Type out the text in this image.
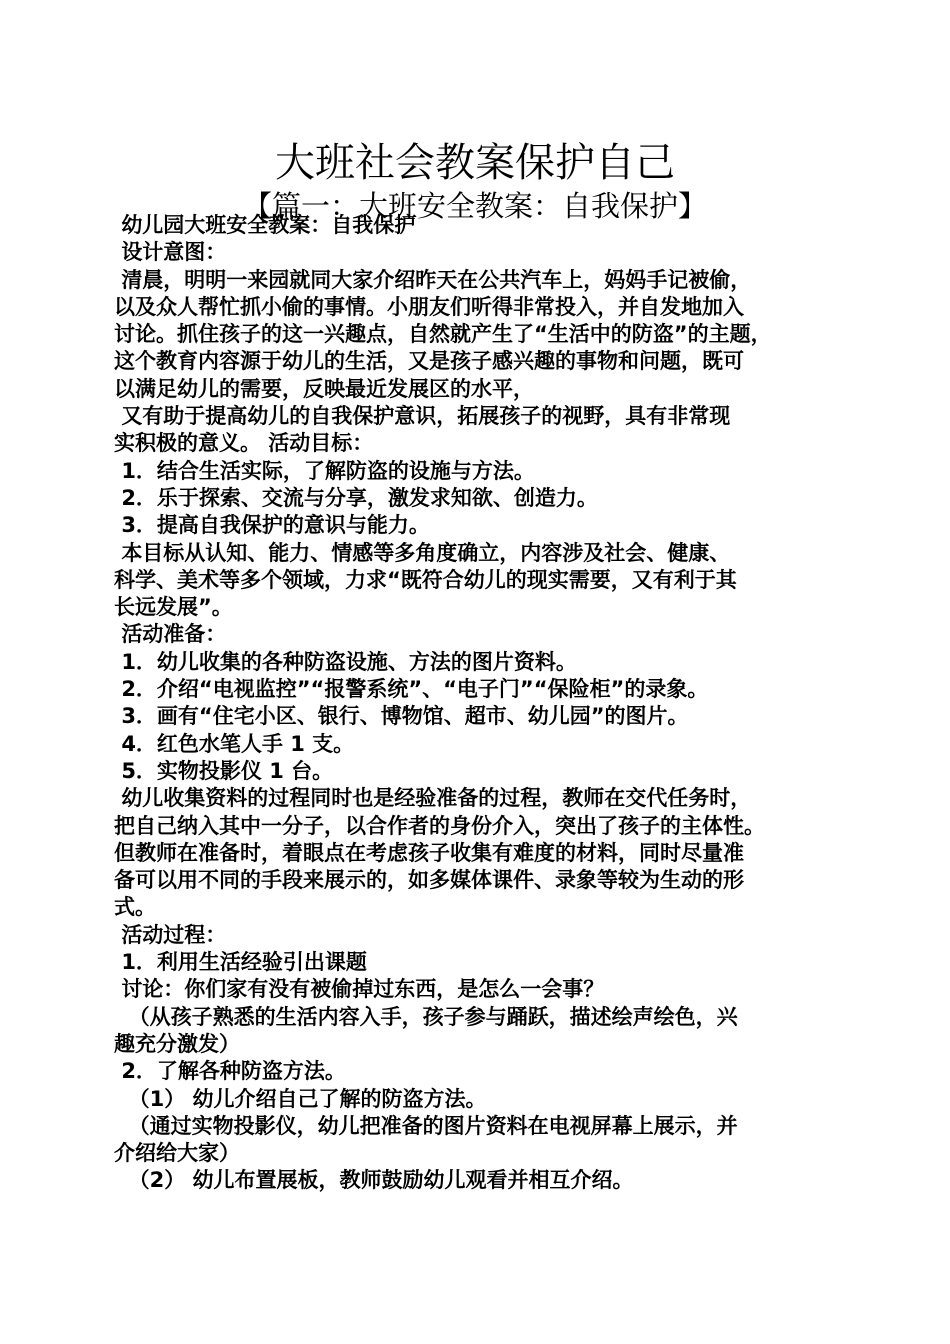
大班社会教案保护自己
【篇一：大班安全教案：自我保护】

幼儿园大班安全教案：自我保护

设计意图：

清晨，明明一来园就同大家介绍昨天在公共汽车上，妈妈手记被偷，

以及众人帮忙抓小偷的事情。小朋友们听得非常投入，并自发地加入

讨论。抓住孩子的这一兴趣点，自然就产生了“生活中的防盗”的主题，

这个教育内容源于幼儿的生活，又是孩子感兴趣的事物和问题，既可

以满足幼儿的需要，反映最近发展区的水平，

又有助于提高幼儿的自我保护意识，拓展孩子的视野，具有非常现

实积极的意义。 活动目标：

1．结合生活实际，了解防盗的设施与方法。

2．乐于探索、交流与分享，激发求知欲、创造力。

3．提高自我保护的意识与能力。

本目标从认知、能力、情感等多角度确立，内容涉及社会、健康、

科学、美术等多个领域，力求“既符合幼儿的现实需要，又有利于其

长远发展”。

活动准备：

1．幼儿收集的各种防盗设施、方法的图片资料。

2．介绍“电视监控”“报警系统”、“电子门”“保险柜”的录象。

3．画有“住宅小区、银行、博物馆、超市、幼儿园”的图片。

4．红色水笔人手 1 支。

5．实物投影仪 1 台。

幼儿收集资料的过程同时也是经验准备的过程，教师在交代任务时，

把自己纳入其中一分子，以合作者的身份介入，突出了孩子的主体性。

但教师在准备时，着眼点在考虑孩子收集有难度的材料，同时尽量准

备可以用不同的手段来展示的，如多媒体课件、录象等较为生动的形

式。

活动过程：

1．利用生活经验引出课题

讨论：你们家有没有被偷掉过东西，是怎么一会事？

（从孩子熟悉的生活内容入手，孩子参与踊跃，描述绘声绘色，兴

趣充分激发）

2．了解各种防盗方法。

（1） 幼儿介绍自己了解的防盗方法。

（通过实物投影仪，幼儿把准备的图片资料在电视屏幕上展示，并

介绍给大家）

（2） 幼儿布置展板，教师鼓励幼儿观看并相互介绍。
